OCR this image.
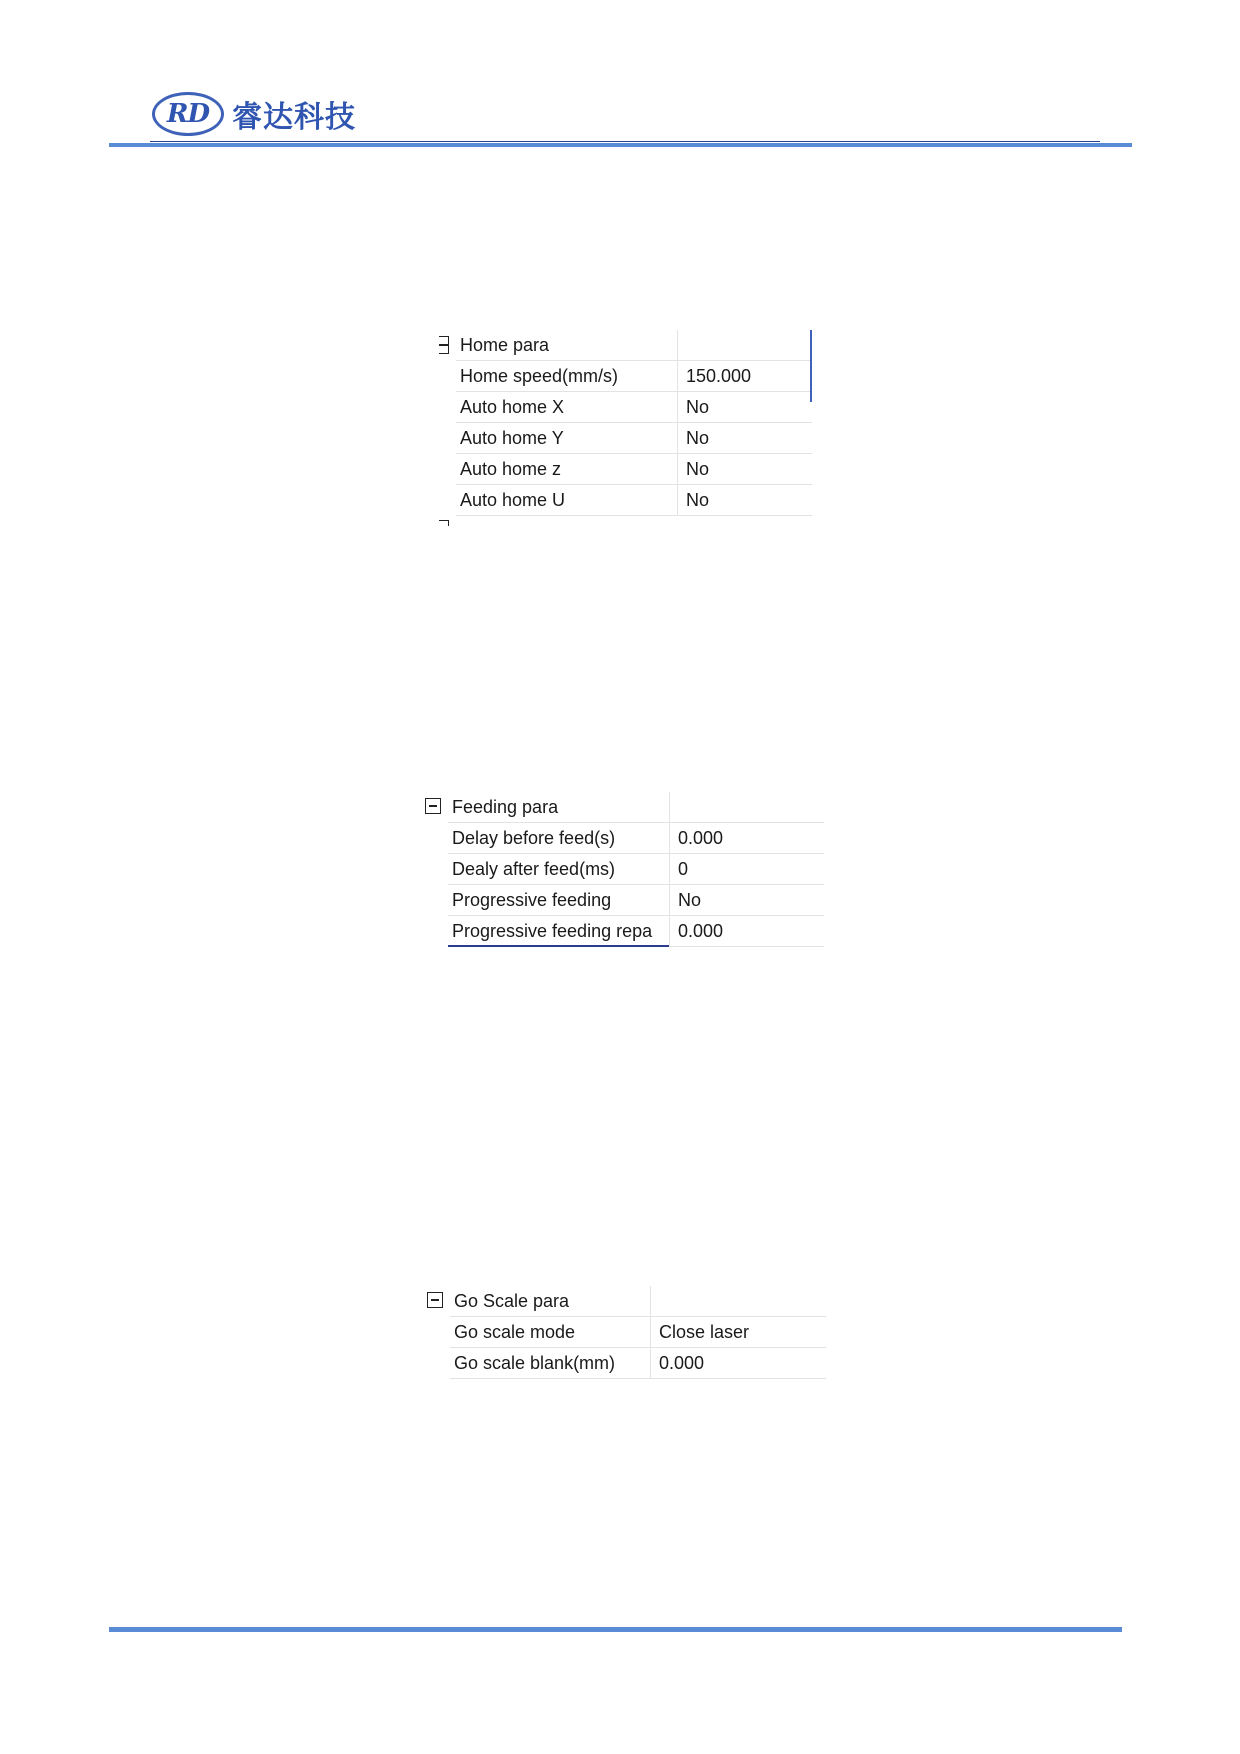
RD 睿达科技
Home para
Home speed(mm/s)	150.000
Auto home X	No
Auto home Y	No
Auto home z	No
Auto home U	No
Feeding para
Delay before feed(s)	0.000
Dealy after feed(ms)	0
Progressive feeding	No
Progressive feeding repa	0.000
Go Scale para
Go scale mode	Close laser
Go scale blank(mm)	0.000
